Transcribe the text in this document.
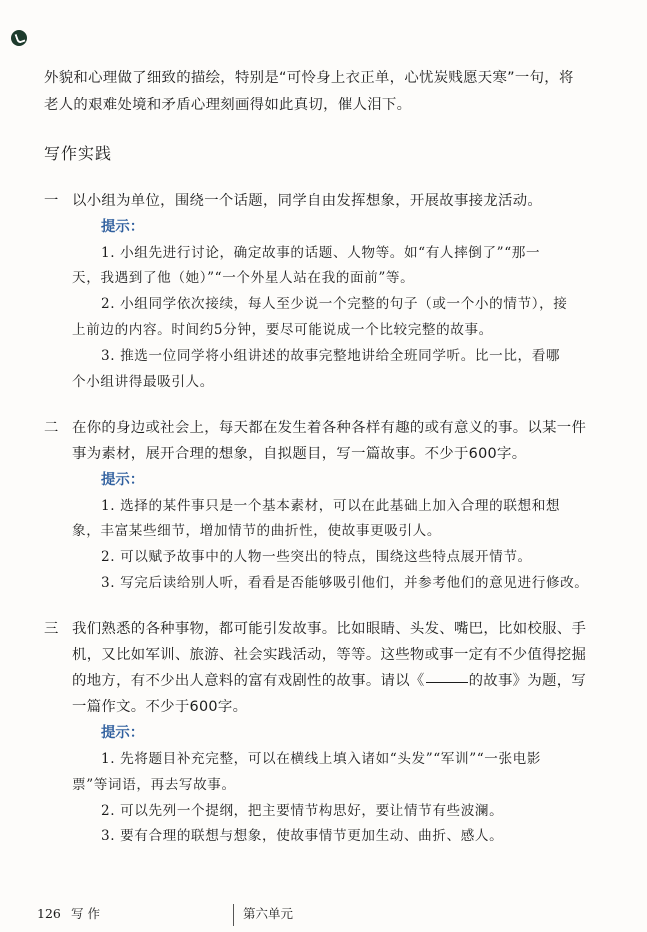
外貌和心理做了细致的描绘，特别是“可怜身上衣正单，心忧炭贱愿天寒”一句，将
老人的艰难处境和矛盾心理刻画得如此真切，催人泪下。
写作实践
一 以小组为单位，围绕一个话题，同学自由发挥想象，开展故事接龙活动。
提示：
1. 小组先进行讨论，确定故事的话题、人物等。如“有人摔倒了”“那一
天，我遇到了他（她）”“一个外星人站在我的面前”等。
2. 小组同学依次接续，每人至少说一个完整的句子（或一个小的情节），接
上前边的内容。时间约5分钟，要尽可能说成一个比较完整的故事。
3. 推选一位同学将小组讲述的故事完整地讲给全班同学听。比一比，看哪
个小组讲得最吸引人。
二 在你的身边或社会上，每天都在发生着各种各样有趣的或有意义的事。以某一件
事为素材，展开合理的想象，自拟题目，写一篇故事。不少于600字。
提示：
1. 选择的某件事只是一个基本素材，可以在此基础上加入合理的联想和想
象，丰富某些细节，增加情节的曲折性，使故事更吸引人。
2. 可以赋予故事中的人物一些突出的特点，围绕这些特点展开情节。
3. 写完后读给别人听，看看是否能够吸引他们，并参考他们的意见进行修改。
三 我们熟悉的各种事物，都可能引发故事。比如眼睛、头发、嘴巴，比如校服、手
机，又比如军训、旅游、社会实践活动，等等。这些物或事一定有不少值得挖掘
的地方，有不少出人意料的富有戏剧性的故事。请以《	的故事》为题，写
一篇作文。不少于600字。
提示：
1. 先将题目补充完整，可以在横线上填入诸如“头发”“军训”“一张电影
票”等词语，再去写故事。
2. 可以先列一个提纲，把主要情节构思好，要让情节有些波澜。
3. 要有合理的联想与想象，使故事情节更加生动、曲折、感人。
126 写 作	第六单元
